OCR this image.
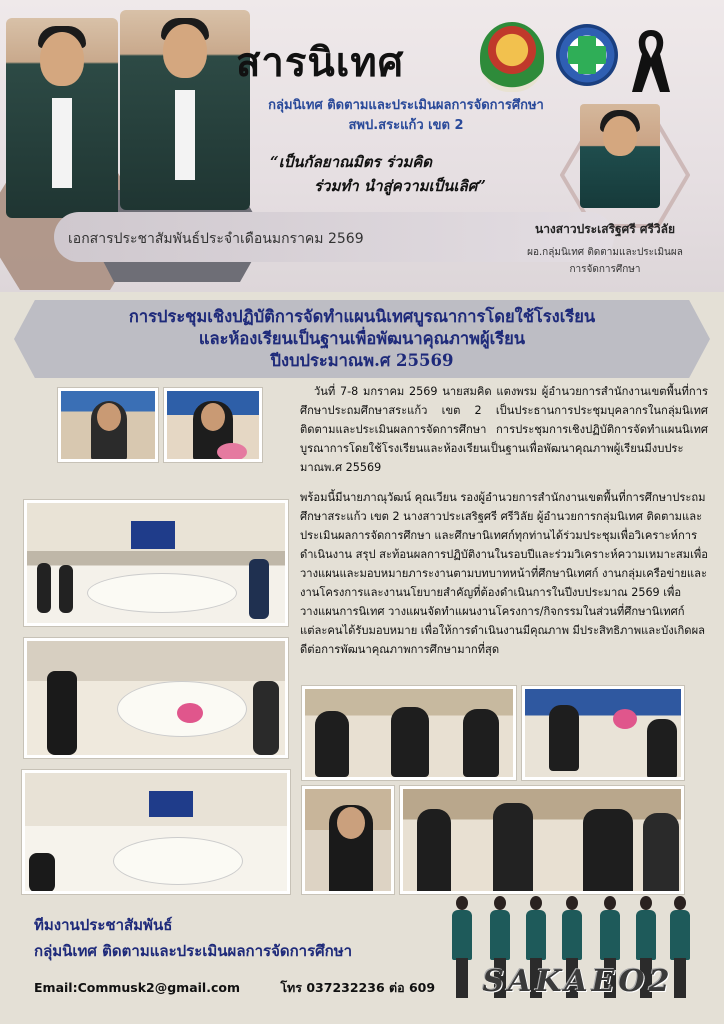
สารนิเทศ
กลุ่มนิเทศ ติดตามและประเมินผลการจัดการศึกษา
สพป.สระแก้ว เขต 2
“เป็นกัลยาณมิตร ร่วมคิด
ร่วมทำ นำสู่ความเป็นเลิศ”
เอกสารประชาสัมพันธ์ประจำเดือนมกราคม 2569
นางสาวประเสริฐศรี ศรีวิลัย
ผอ.กลุ่มนิเทศ ติดตามและประเมินผล
การจัดการศึกษา
การประชุมเชิงปฏิบัติการจัดทำแผนนิเทศบูรณาการโดยใช้โรงเรียน
และห้องเรียนเป็นฐานเพื่อพัฒนาคุณภาพผู้เรียน
ปีงบประมาณพ.ศ 25569
วันที่ 7-8 มกราคม 2569 นายสมคิด แตงพรม ผู้อำนวยการสำนักงานเขตพื้นที่การศึกษาประถมศึกษาสระแก้ว เขต 2 เป็นประธานการประชุมบุคลากรในกลุ่มนิเทศ ติดตามและประเมินผลการจัดการศึกษา การประชุมการเชิงปฏิบัติการจัดทำแผนนิเทศบูรณาการโดยใช้โรงเรียนและห้องเรียนเป็นฐานเพื่อพัฒนาคุณภาพผู้เรียนมีงบประมาณพ.ศ 25569
พร้อมนี้มีนายภาณุวัฒน์ คุณเวียน รองผู้อำนวยการสำนักงานเขตพื้นที่การศึกษาประถมศึกษาสระแก้ว เขต 2 นางสาวประเสริฐศรี ศรีวิลัย ผู้อำนวยการกลุ่มนิเทศ ติดตามและประเมินผลการจัดการศึกษา และศึกษานิเทศก์ทุกท่านได้ร่วมประชุมเพื่อวิเคราะห์การดำเนินงาน สรุป สะท้อนผลการปฏิบัติงานในรอบปีและร่วมวิเคราะห์ความเหมาะสมเพื่อวางแผนและมอบหมายภาระงานตามบทบาทหน้าที่ศึกษานิเทศก์ งานกลุ่มเครือข่ายและงานโครงการและงานนโยบายสำคัญที่ต้องดำเนินการในปีงบประมาณ 2569 เพื่อวางแผนการนิเทศ วางแผนจัดทำแผนงานโครงการ/กิจกรรมในส่วนที่ศึกษานิเทศก์แต่ละคนได้รับมอบหมาย เพื่อให้การดำเนินงานมีคุณภาพ มีประสิทธิภาพและบังเกิดผลดีต่อการพัฒนาคุณภาพการศึกษามากที่สุด
ทีมงานประชาสัมพันธ์
กลุ่มนิเทศ ติดตามและประเมินผลการจัดการศึกษา
Email:Commusk2@gmail.com	โทร 037232236 ต่อ 609 SAKAEO2
